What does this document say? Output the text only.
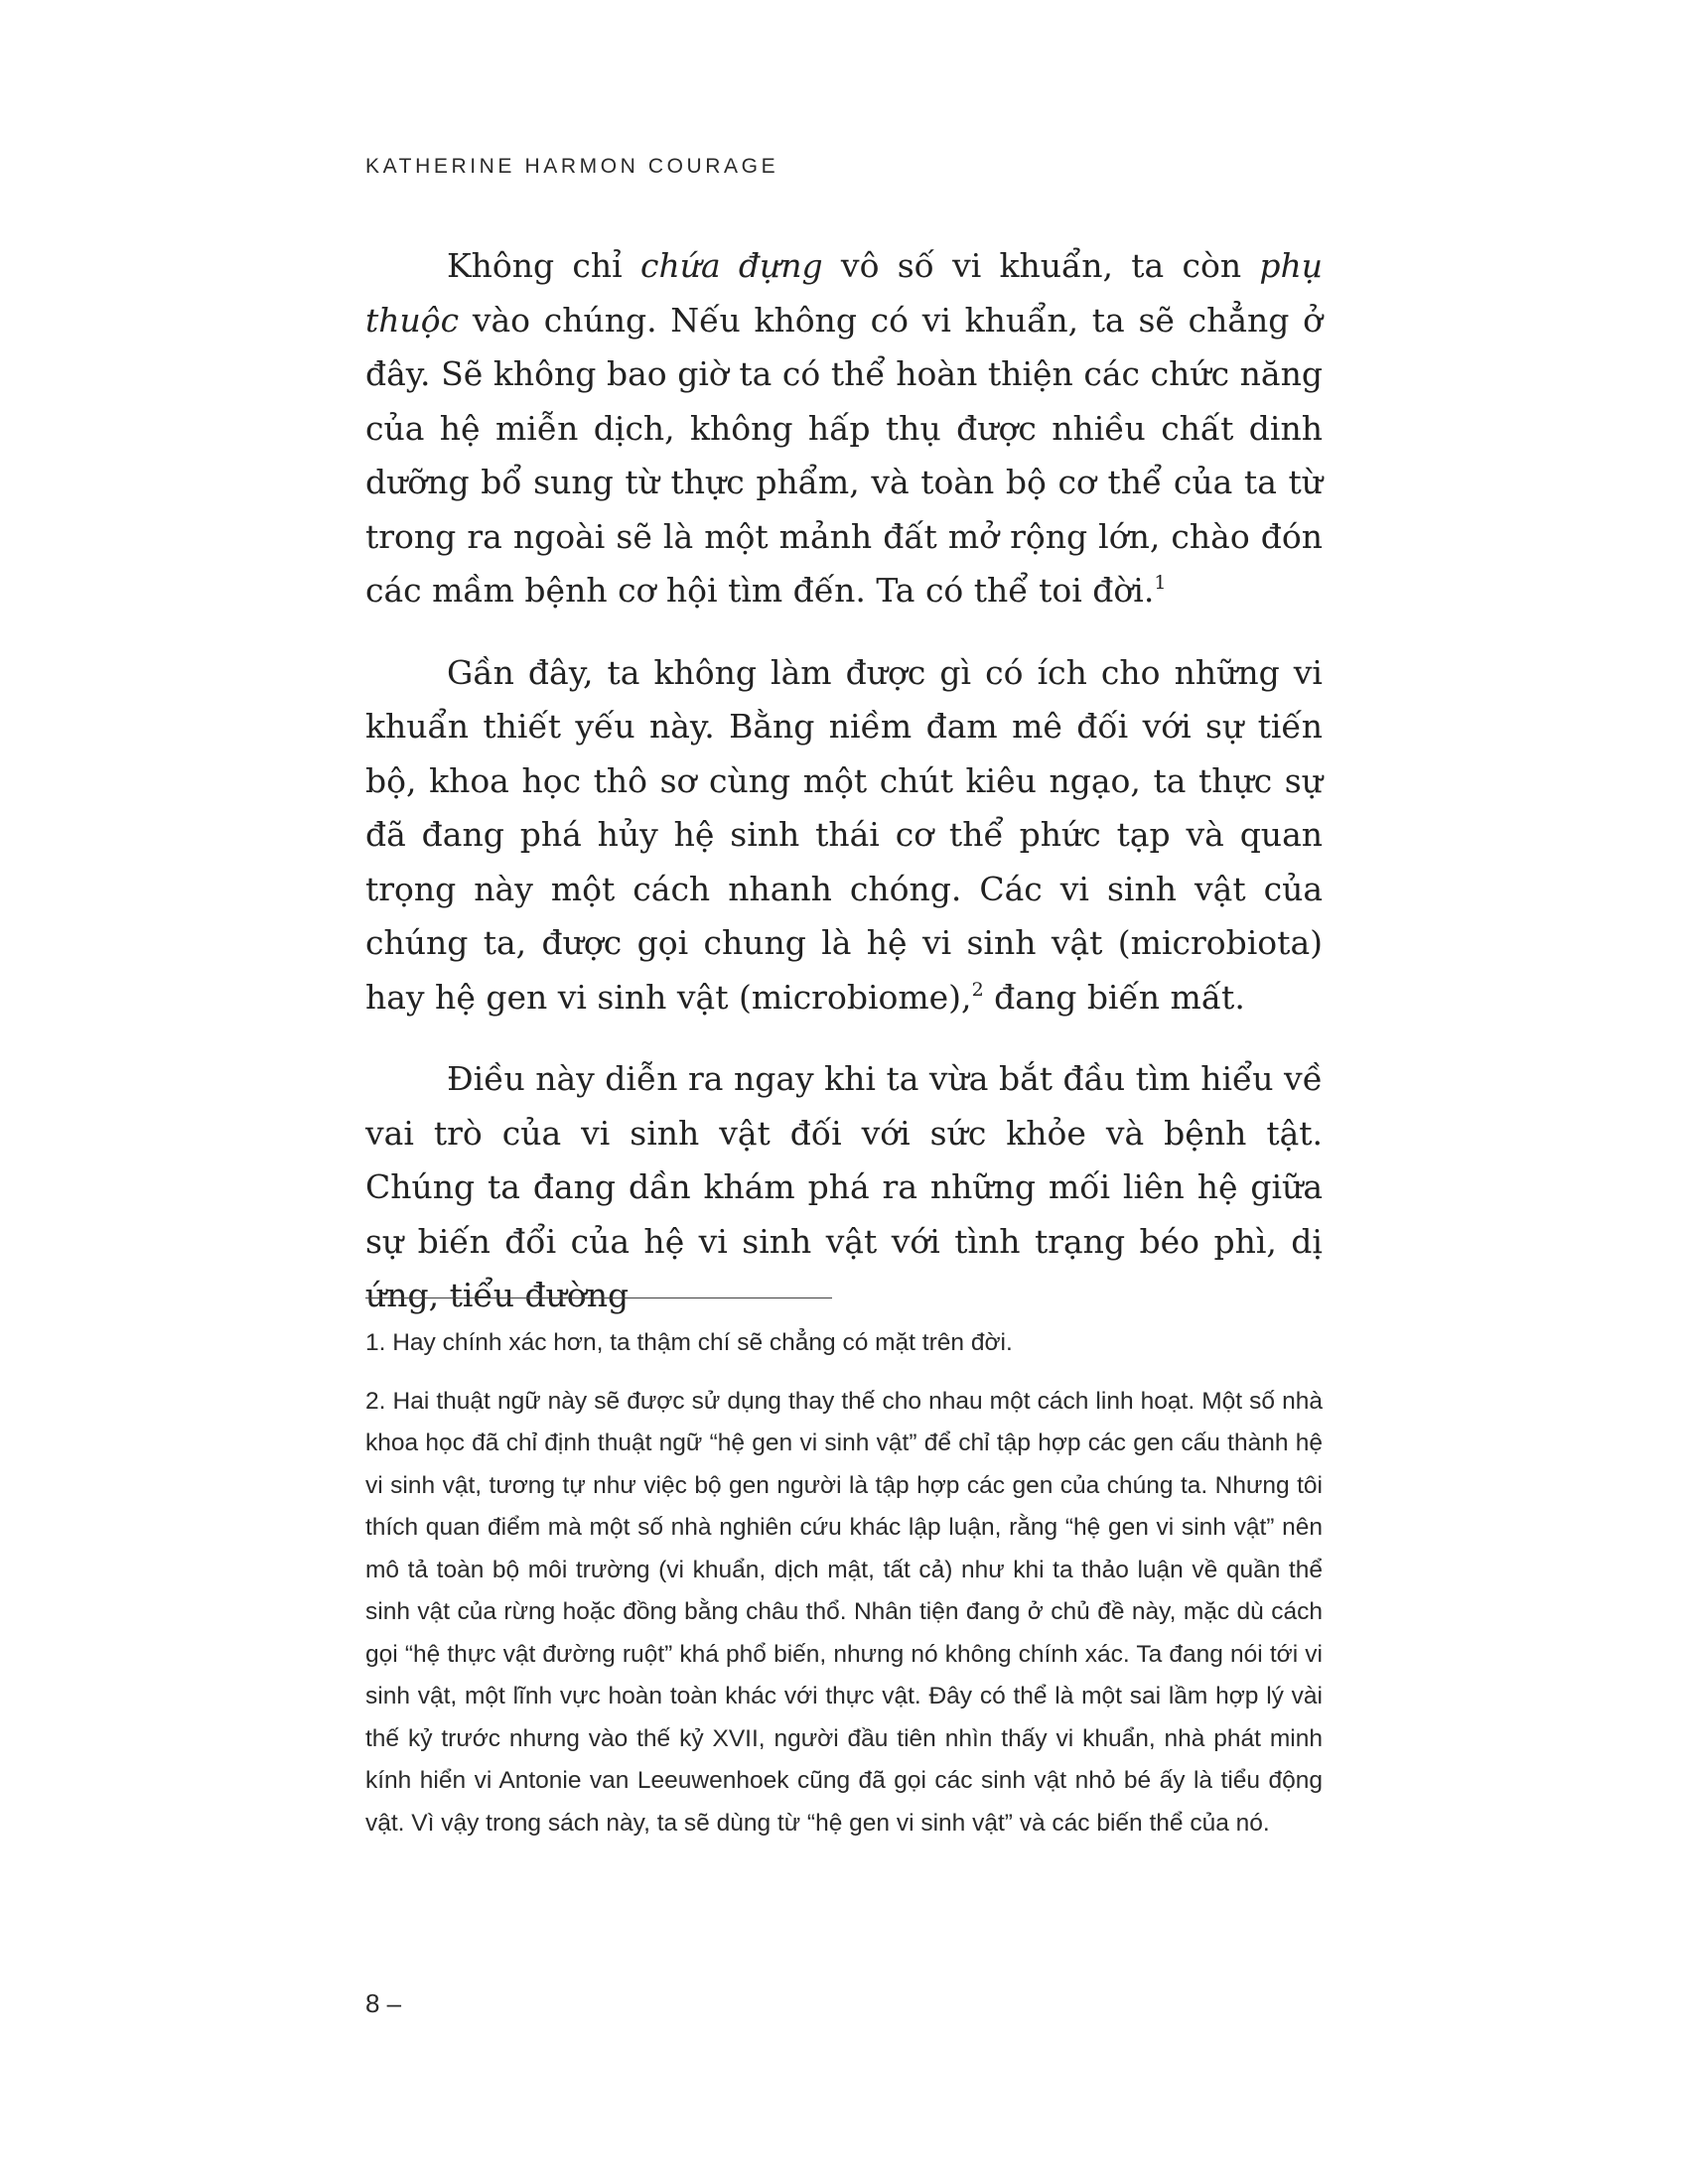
KATHERINE HARMON COURAGE

Không chỉ chứa đựng vô số vi khuẩn, ta còn phụ thuộc vào chúng. Nếu không có vi khuẩn, ta sẽ chẳng ở đây. Sẽ không bao giờ ta có thể hoàn thiện các chức năng của hệ miễn dịch, không hấp thụ được nhiều chất dinh dưỡng bổ sung từ thực phẩm, và toàn bộ cơ thể của ta từ trong ra ngoài sẽ là một mảnh đất mở rộng lớn, chào đón các mầm bệnh cơ hội tìm đến. Ta có thể toi đời.$^1$

Gần đây, ta không làm được gì có ích cho những vi khuẩn thiết yếu này. Bằng niềm đam mê đối với sự tiến bộ, khoa học thô sơ cùng một chút kiêu ngạo, ta thực sự đã đang phá hủy hệ sinh thái cơ thể phức tạp và quan trọng này một cách nhanh chóng. Các vi sinh vật của chúng ta, được gọi chung là hệ vi sinh vật (microbiota) hay hệ gen vi sinh vật (microbiome),$^2$ đang biến mất.

Điều này diễn ra ngay khi ta vừa bắt đầu tìm hiểu về vai trò của vi sinh vật đối với sức khỏe và bệnh tật. Chúng ta đang dần khám phá ra những mối liên hệ giữa sự biến đổi của hệ vi sinh vật với tình trạng béo phì, dị ứng, tiểu đường

1. Hay chính xác hơn, ta thậm chí sẽ chẳng có mặt trên đời.

2. Hai thuật ngữ này sẽ được sử dụng thay thế cho nhau một cách linh hoạt. Một số nhà khoa học đã chỉ định thuật ngữ “hệ gen vi sinh vật” để chỉ tập hợp các gen cấu thành hệ vi sinh vật, tương tự như việc bộ gen người là tập hợp các gen của chúng ta. Nhưng tôi thích quan điểm mà một số nhà nghiên cứu khác lập luận, rằng “hệ gen vi sinh vật” nên mô tả toàn bộ môi trường (vi khuẩn, dịch mật, tất cả) như khi ta thảo luận về quần thể sinh vật của rừng hoặc đồng bằng châu thổ. Nhân tiện đang ở chủ đề này, mặc dù cách gọi “hệ thực vật đường ruột” khá phổ biến, nhưng nó không chính xác. Ta đang nói tới vi sinh vật, một lĩnh vực hoàn toàn khác với thực vật. Đây có thể là một sai lầm hợp lý vài thế kỷ trước nhưng vào thế kỷ XVII, người đầu tiên nhìn thấy vi khuẩn, nhà phát minh kính hiển vi Antonie van Leeuwenhoek cũng đã gọi các sinh vật nhỏ bé ấy là tiểu động vật. Vì vậy trong sách này, ta sẽ dùng từ “hệ gen vi sinh vật” và các biến thể của nó.

8 –
